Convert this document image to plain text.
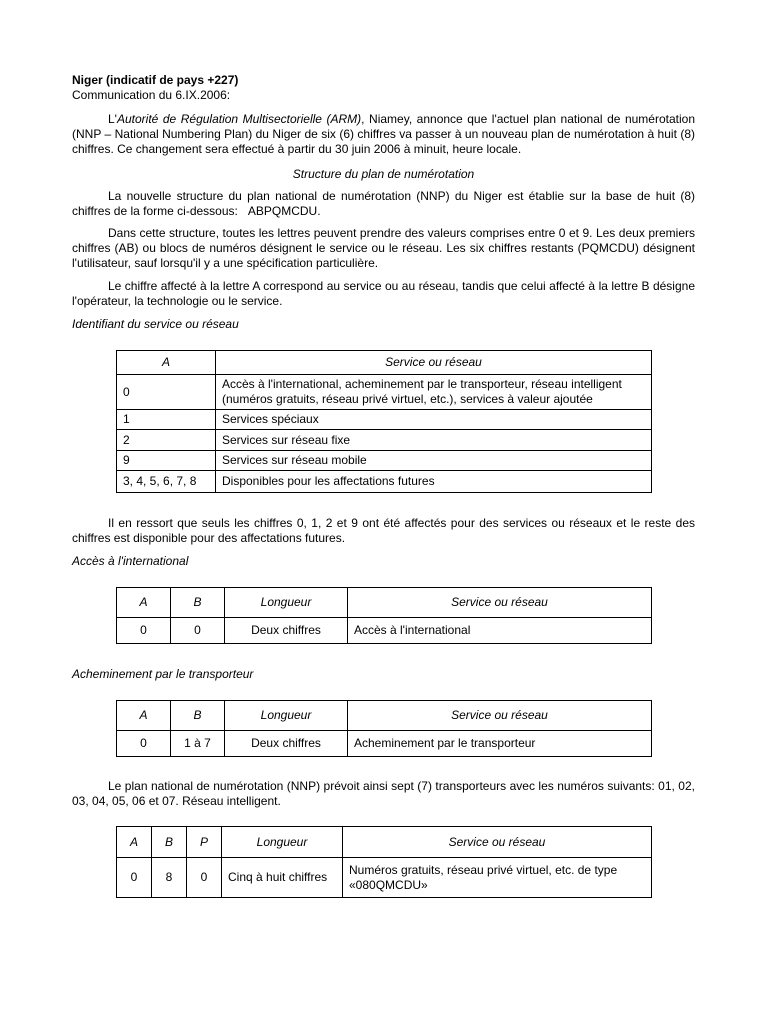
Niger (indicatif de pays +227)

Communication du 6.IX.2006:

L'Autorité de Régulation Multisectorielle (ARM), Niamey, annonce que l'actuel plan national de numérotation (NNP – National Numbering Plan) du Niger de six (6) chiffres va passer à un nouveau plan de numérotation à huit (8) chiffres. Ce changement sera effectué à partir du 30 juin 2006 à minuit, heure locale.

Structure du plan de numérotation

La nouvelle structure du plan national de numérotation (NNP) du Niger est établie sur la base de huit (8) chiffres de la forme ci-dessous: ABPQMCDU.

Dans cette structure, toutes les lettres peuvent prendre des valeurs comprises entre 0 et 9. Les deux premiers chiffres (AB) ou blocs de numéros désignent le service ou le réseau. Les six chiffres restants (PQMCDU) désignent l'utilisateur, sauf lorsqu'il y a une spécification particulière.

Le chiffre affecté à la lettre A correspond au service ou au réseau, tandis que celui affecté à la lettre B désigne l'opérateur, la technologie ou le service.

Identifiant du service ou réseau

A	Service ou réseau
0	Accès à l'international, acheminement par le transporteur, réseau intelligent (numéros gratuits, réseau privé virtuel, etc.), services à valeur ajoutée
1	Services spéciaux
2	Services sur réseau fixe
9	Services sur réseau mobile
3, 4, 5, 6, 7, 8	Disponibles pour les affectations futures

Il en ressort que seuls les chiffres 0, 1, 2 et 9 ont été affectés pour des services ou réseaux et le reste des chiffres est disponible pour des affectations futures.

Accès à l'international

A	B	Longueur	Service ou réseau
0	0	Deux chiffres	Accès à l'international

Acheminement par le transporteur

A	B	Longueur	Service ou réseau
0	1 à 7	Deux chiffres	Acheminement par le transporteur

Le plan national de numérotation (NNP) prévoit ainsi sept (7) transporteurs avec les numéros suivants: 01, 02, 03, 04, 05, 06 et 07. Réseau intelligent.

A	B	P	Longueur	Service ou réseau
0	8	0	Cinq à huit chiffres	Numéros gratuits, réseau privé virtuel, etc. de type «080QMCDU»
